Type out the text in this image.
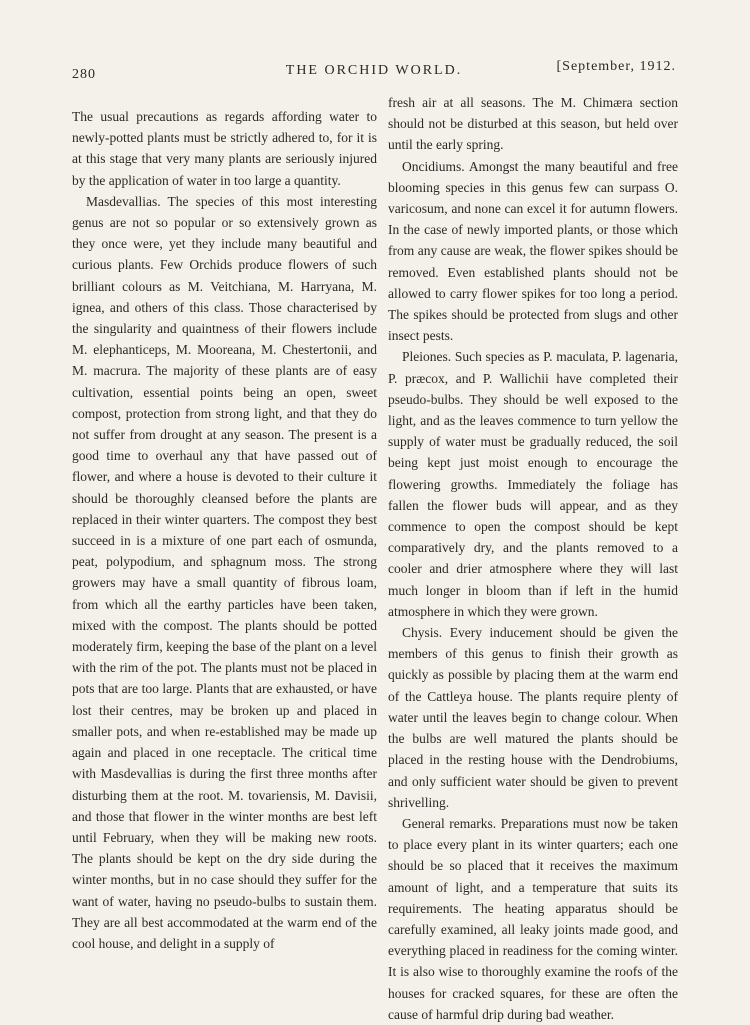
280	THE ORCHID WORLD.	[September, 1912.

The usual precautions as regards affording water to newly-potted plants must be strictly adhered to, for it is at this stage that very many plants are seriously injured by the application of water in too large a quantity.

Masdevallias. The species of this most interesting genus are not so popular or so extensively grown as they once were, yet they include many beautiful and curious plants. Few Orchids produce flowers of such brilliant colours as M. Veitchiana, M. Harryana, M. ignea, and others of this class. Those characterised by the singularity and quaintness of their flowers include M. elephanticeps, M. Mooreana, M. Chestertonii, and M. macrura. The majority of these plants are of easy cultivation, essential points being an open, sweet compost, protection from strong light, and that they do not suffer from drought at any season. The present is a good time to overhaul any that have passed out of flower, and where a house is devoted to their culture it should be thoroughly cleansed before the plants are replaced in their winter quarters. The compost they best succeed in is a mixture of one part each of osmunda, peat, polypodium, and sphagnum moss. The strong growers may have a small quantity of fibrous loam, from which all the earthy particles have been taken, mixed with the compost. The plants should be potted moderately firm, keeping the base of the plant on a level with the rim of the pot. The plants must not be placed in pots that are too large. Plants that are exhausted, or have lost their centres, may be broken up and placed in smaller pots, and when re-established may be made up again and placed in one receptacle. The critical time with Masdevallias is during the first three months after disturbing them at the root. M. tovariensis, M. Davisii, and those that flower in the winter months are best left until February, when they will be making new roots. The plants should be kept on the dry side during the winter months, but in no case should they suffer for the want of water, having no pseudo-bulbs to sustain them. They are all best accommodated at the warm end of the cool house, and delight in a supply of

fresh air at all seasons. The M. Chimæra section should not be disturbed at this season, but held over until the early spring.

Oncidiums. Amongst the many beautiful and free blooming species in this genus few can surpass O. varicosum, and none can excel it for autumn flowers. In the case of newly imported plants, or those which from any cause are weak, the flower spikes should be removed. Even established plants should not be allowed to carry flower spikes for too long a period. The spikes should be protected from slugs and other insect pests.

Pleiones. Such species as P. maculata, P. lagenaria, P. præcox, and P. Wallichii have completed their pseudo-bulbs. They should be well exposed to the light, and as the leaves commence to turn yellow the supply of water must be gradually reduced, the soil being kept just moist enough to encourage the flowering growths. Immediately the foliage has fallen the flower buds will appear, and as they commence to open the compost should be kept comparatively dry, and the plants removed to a cooler and drier atmosphere where they will last much longer in bloom than if left in the humid atmosphere in which they were grown.

Chysis. Every inducement should be given the members of this genus to finish their growth as quickly as possible by placing them at the warm end of the Cattleya house. The plants require plenty of water until the leaves begin to change colour. When the bulbs are well matured the plants should be placed in the resting house with the Dendrobiums, and only sufficient water should be given to prevent shrivelling.

General remarks. Preparations must now be taken to place every plant in its winter quarters; each one should be so placed that it receives the maximum amount of light, and a temperature that suits its requirements. The heating apparatus should be carefully examined, all leaky joints made good, and everything placed in readiness for the coming winter. It is also wise to thoroughly examine the roofs of the houses for cracked squares, for these are often the cause of harmful drip during bad weather.
